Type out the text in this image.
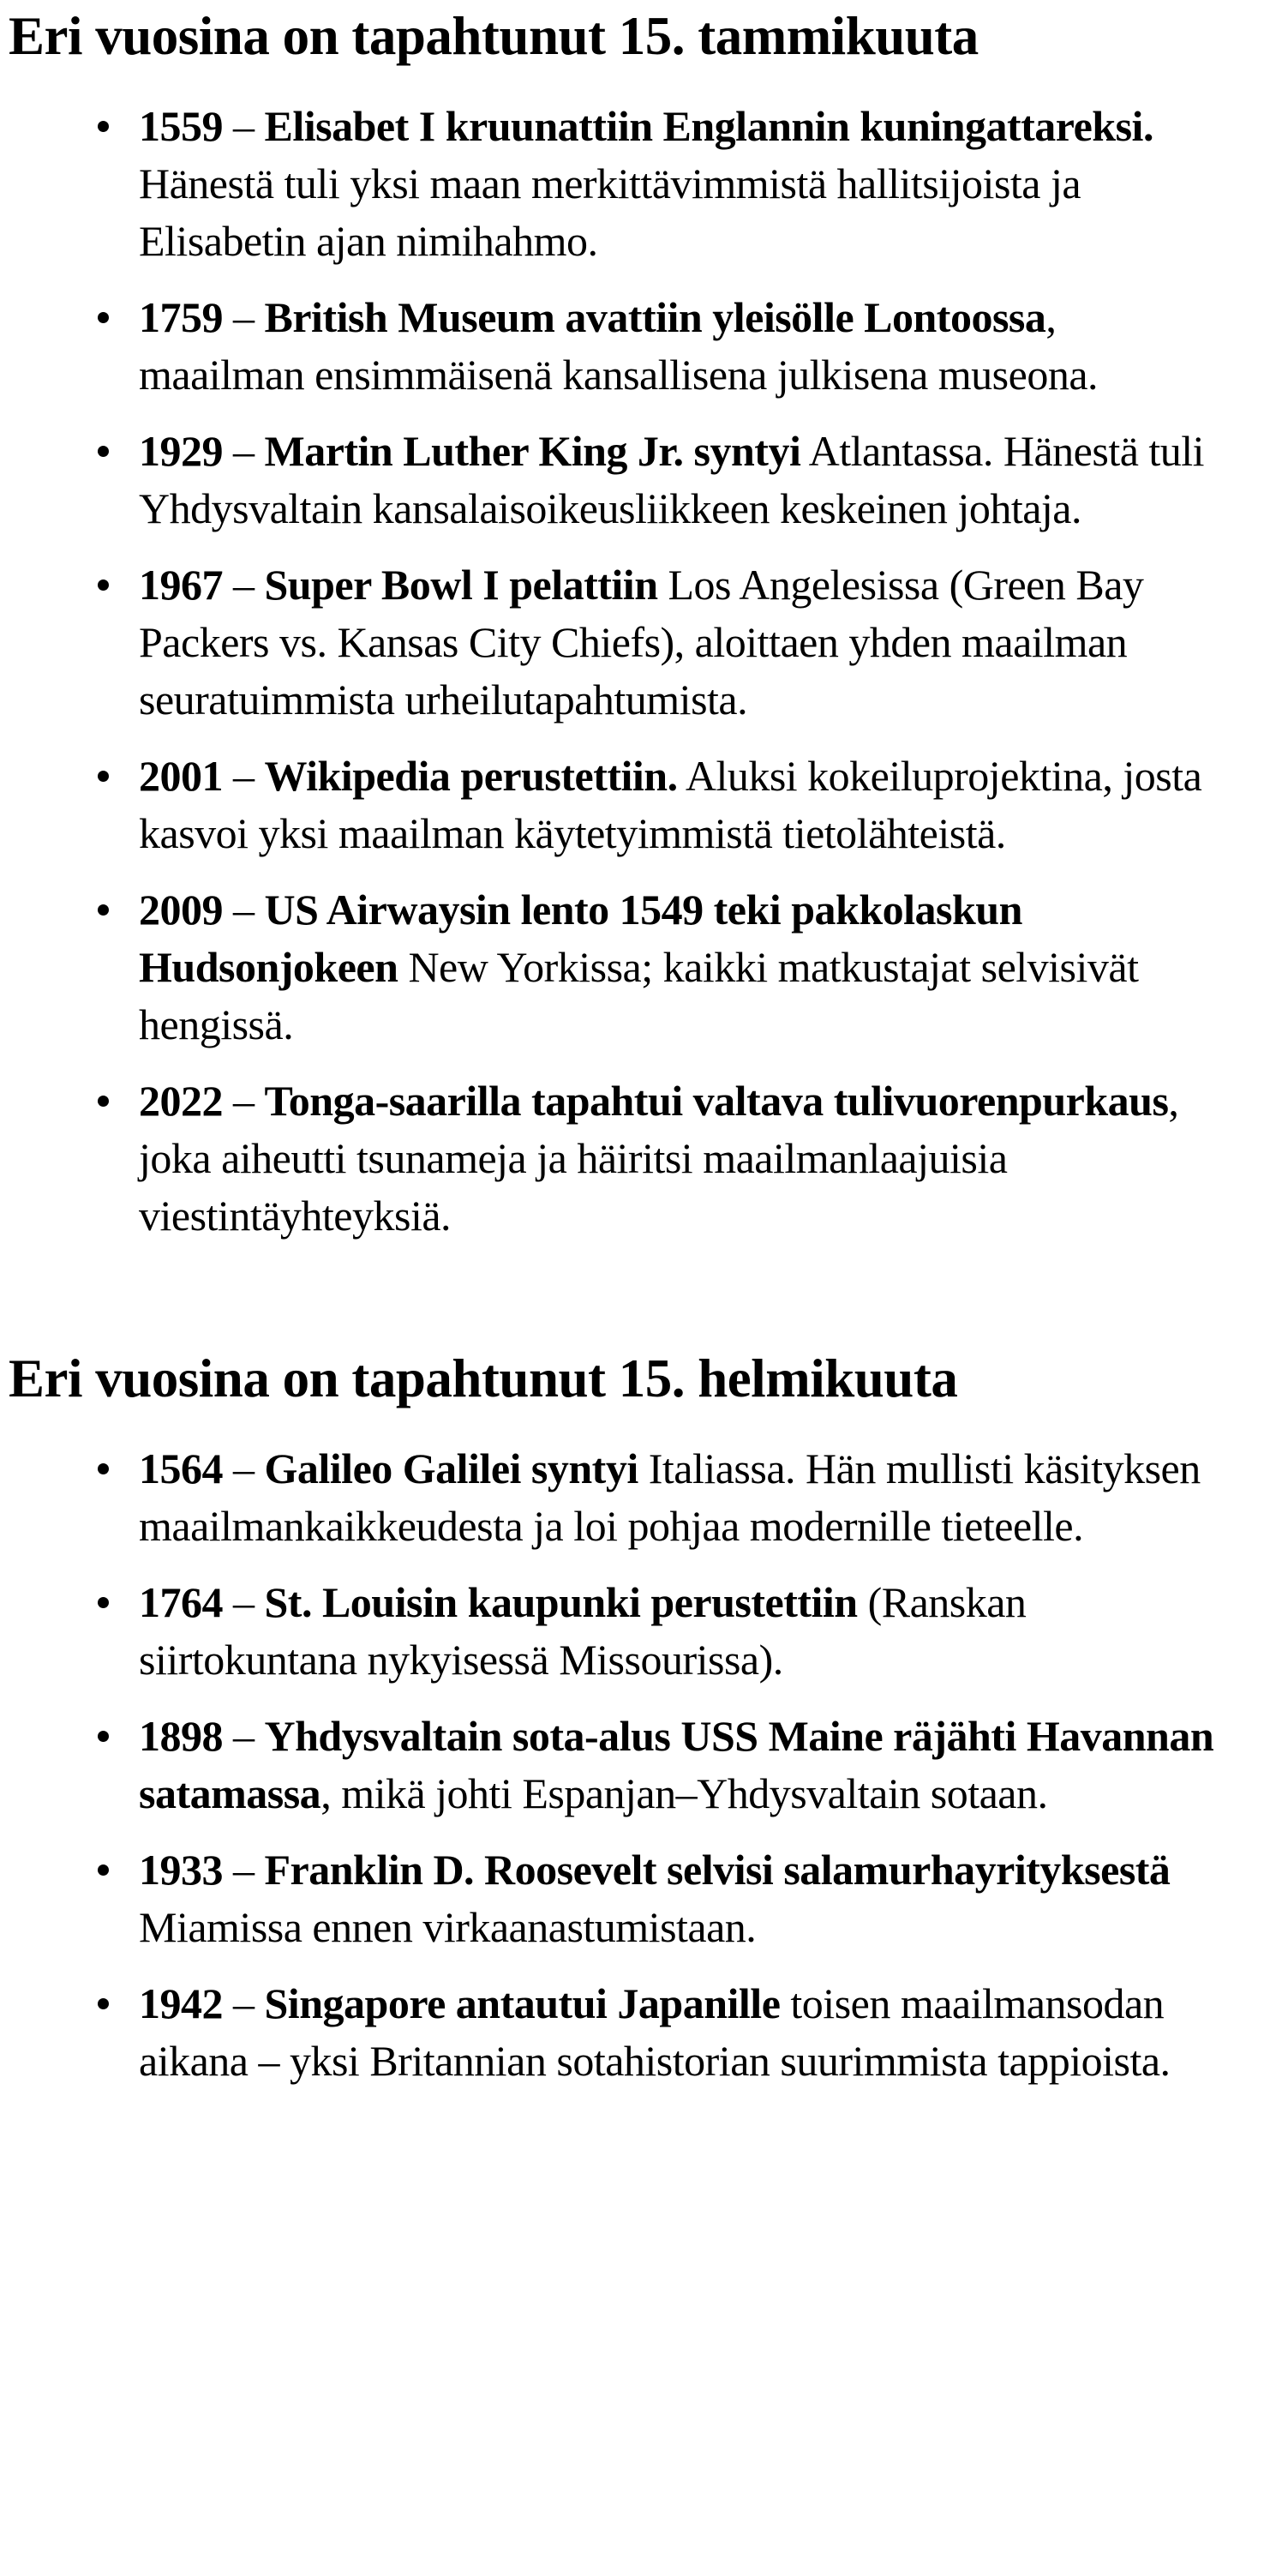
Eri vuosina on tapahtunut 15. tammikuuta
1559 – Elisabet I kruunattiin Englannin kuningattareksi. Hänestä tuli yksi maan merkittävimmistä hallitsijoista ja Elisabetin ajan nimihahmo.
1759 – British Museum avattiin yleisölle Lontoossa, maailman ensimmäisenä kansallisena julkisena museona.
1929 – Martin Luther King Jr. syntyi Atlantassa. Hänestä tuli Yhdysvaltain kansalaisoikeusliikkeen keskeinen johtaja.
1967 – Super Bowl I pelattiin Los Angelesissa (Green Bay Packers vs. Kansas City Chiefs), aloittaen yhden maailman seuratuimmista urheilutapahtumista.
2001 – Wikipedia perustettiin. Aluksi kokeiluprojektina, josta kasvoi yksi maailman käytetyimmistä tietolähteistä.
2009 – US Airwaysin lento 1549 teki pakkolaskun Hudsonjokeen New Yorkissa; kaikki matkustajat selvisivät hengissä.
2022 – Tonga-saarilla tapahtui valtava tulivuorenpurkaus, joka aiheutti tsunameja ja häiritsi maailmanlaajuisia viestintäyhteyksiä.
Eri vuosina on tapahtunut 15. helmikuuta
1564 – Galileo Galilei syntyi Italiassa. Hän mullisti käsityksen maailmankaikkeudesta ja loi pohjaa modernille tieteelle.
1764 – St. Louisin kaupunki perustettiin (Ranskan siirtokuntana nykyisessä Missourissa).
1898 – Yhdysvaltain sota-alus USS Maine räjähti Havannan satamassa, mikä johti Espanjan–Yhdysvaltain sotaan.
1933 – Franklin D. Roosevelt selvisi salamurhayrityksestä Miamissa ennen virkaanastumistaan.
1942 – Singapore antautui Japanille toisen maailmansodan aikana – yksi Britannian sotahistorian suurimmista tappioista.
